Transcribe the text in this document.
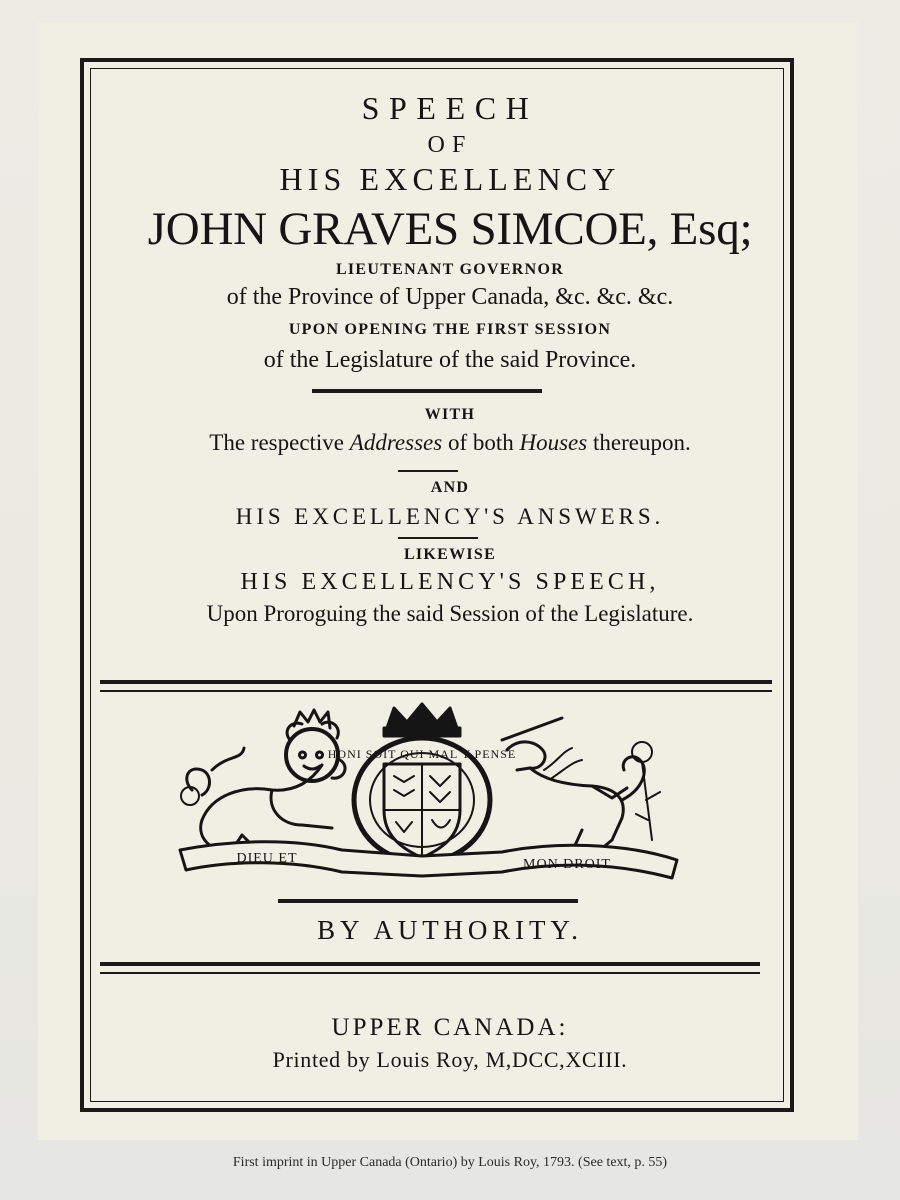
SPEECH
OF
HIS EXCELLENCY
JOHN GRAVES SIMCOE, Esq;
LIEUTENANT GOVERNOR
of the Province of Upper Canada, &c. &c. &c.
UPON OPENING THE FIRST SESSION
of the Legislature of the said Province.
WITH
The respective Addresses of both Houses thereupon.
AND
HIS EXCELLENCY'S ANSWERS.
LIKEWISE
HIS EXCELLENCY'S SPEECH,
Upon Proroguing the said Session of the Legislature.
HONI SOIT QUI MAL Y PENSE
DIEU ET	MON DROIT
BY AUTHORITY.
UPPER CANADA:
Printed by Louis Roy, M,DCC,XCIII.
First imprint in Upper Canada (Ontario) by Louis Roy, 1793. (See text, p. 55)
